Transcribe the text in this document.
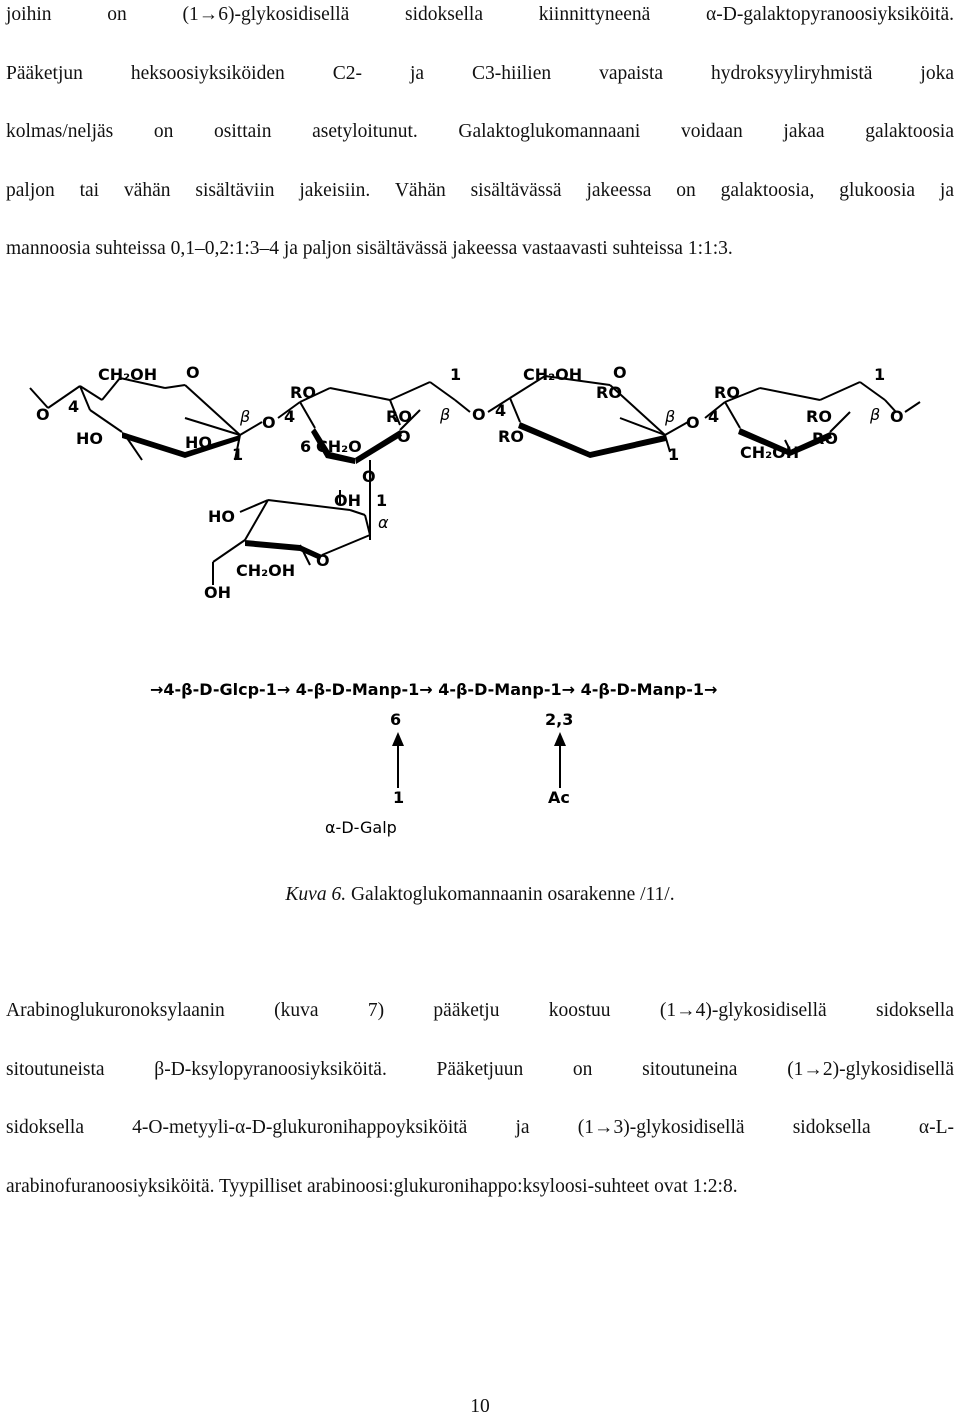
joihin on (1→6)-glykosidisellä sidoksella kiinnittyneenä α-D-galaktopyranoosiyksiköitä.
Pääketjun heksoosiyksiköiden C2- ja C3-hiilien vapaista hydroksyyliryhmistä joka
kolmas/neljäs on osittain asetyloitunut. Galaktoglukomannaani voidaan jakaa galaktoosia
paljon tai vähän sisältäviin jakeisiin. Vähän sisältävässä jakeessa on galaktoosia, glukoosia ja
mannoosia suhteissa 0,1–0,2:1:3–4 ja paljon sisältävässä jakeessa vastaavasti suhteissa 1:1:3.
CH₂OH O
4
HO	HO
β
1
O
O
RO
4	RO
6 CH₂O
1
β
O
O
CH₂OH O
4
RO
RO
β
1
O
RO
4	RO
RO
CH₂OH
1
β O
OH 1
α
HO
CH₂OH
O
OH
O
→4-β-D-Glcp-1→ 4-β-D-Manp-1→ 4-β-D-Manp-1→ 4-β-D-Manp-1→
6	2,3
1	Ac
α-D-Galp
Kuva 6. Galaktoglukomannaanin osarakenne /11/.
Arabinoglukuronoksylaanin (kuva 7) pääketju koostuu (1→4)-glykosidisellä sidoksella
sitoutuneista β-D-ksylopyranoosiyksiköitä. Pääketjuun on sitoutuneina (1→2)-glykosidisellä
sidoksella 4-O-metyyli-α-D-glukuronihappoyksiköitä ja (1→3)-glykosidisellä sidoksella α-L-
arabinofuranoosiyksiköitä. Tyypilliset arabinoosi:glukuronihappo:ksyloosi-suhteet ovat 1:2:8.
10
